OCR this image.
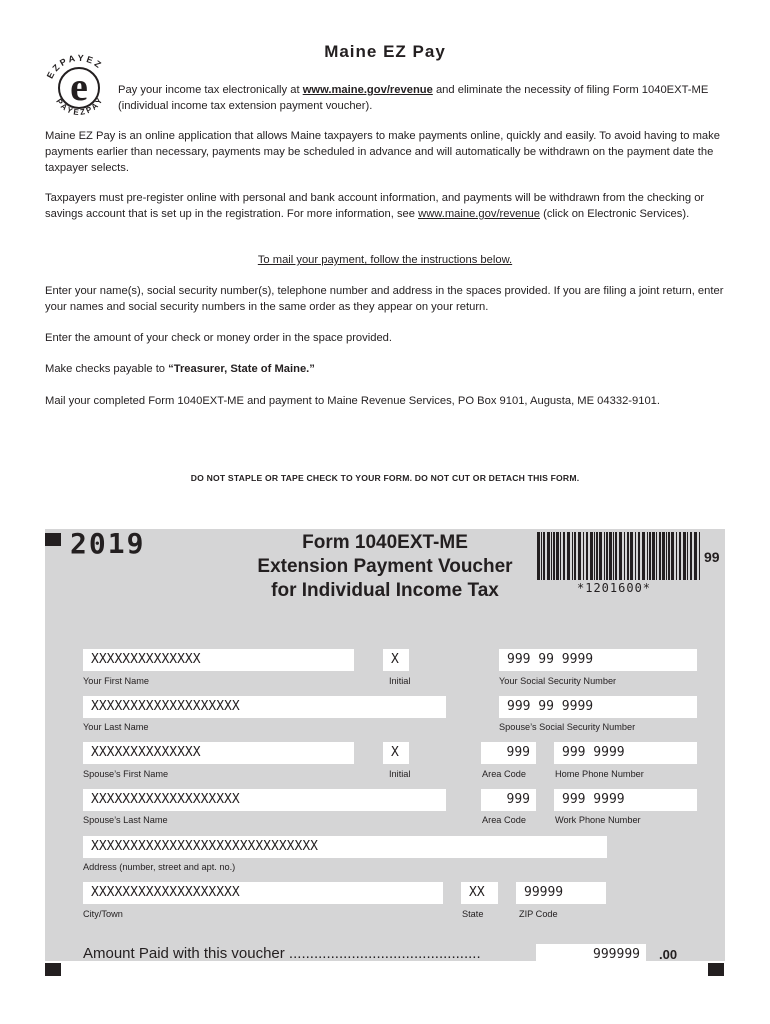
e
E Z P A Y E Z
P A Y E Z P A Y
Maine EZ Pay

Pay your income tax electronically at www.maine.gov/revenue and eliminate the necessity of filing Form 1040EXT-ME (individual income tax extension payment voucher).

Maine EZ Pay is an online application that allows Maine taxpayers to make payments online, quickly and easily. To avoid having to make payments earlier than necessary, payments may be scheduled in advance and will automatically be withdrawn on the payment date the taxpayer selects.

Taxpayers must pre-register online with personal and bank account information, and payments will be withdrawn from the checking or savings account that is set up in the registration. For more information, see www.maine.gov/revenue (click on Electronic Services).

To mail your payment, follow the instructions below.

Enter your name(s), social security number(s), telephone number and address in the spaces provided. If you are filing a joint return, enter your names and social security numbers in the same order as they appear on your return.

Enter the amount of your check or money order in the space provided.

Make checks payable to “Treasurer, State of Maine.”

Mail your completed Form 1040EXT-ME and payment to Maine Revenue Services, PO Box 9101, Augusta, ME 04332-9101.

DO NOT STAPLE OR TAPE CHECK TO YOUR FORM. DO NOT CUT OR DETACH THIS FORM.
2019	Form 1040EXT-ME
Extension Payment Voucher
for Individual Income Tax	*1201600*
99
XXXXXXXXXXXXXX
Your First Name
X
Initial
999 99 9999
Your Social Security Number
XXXXXXXXXXXXXXXXXXX
Your Last Name
999 99 9999
Spouse’s Social Security Number
XXXXXXXXXXXXXX
Spouse’s First Name
X
Initial
999
Area Code
999 9999
Home Phone Number
XXXXXXXXXXXXXXXXXXX
Spouse’s Last Name
999
Area Code
999 9999
Work Phone Number
XXXXXXXXXXXXXXXXXXXXXXXXXXXXX
Address (number, street and apt. no.)
XXXXXXXXXXXXXXXXXXX
City/Town
XX
State
99999
ZIP Code
Amount Paid with this voucher ..............................................	999999	.00
